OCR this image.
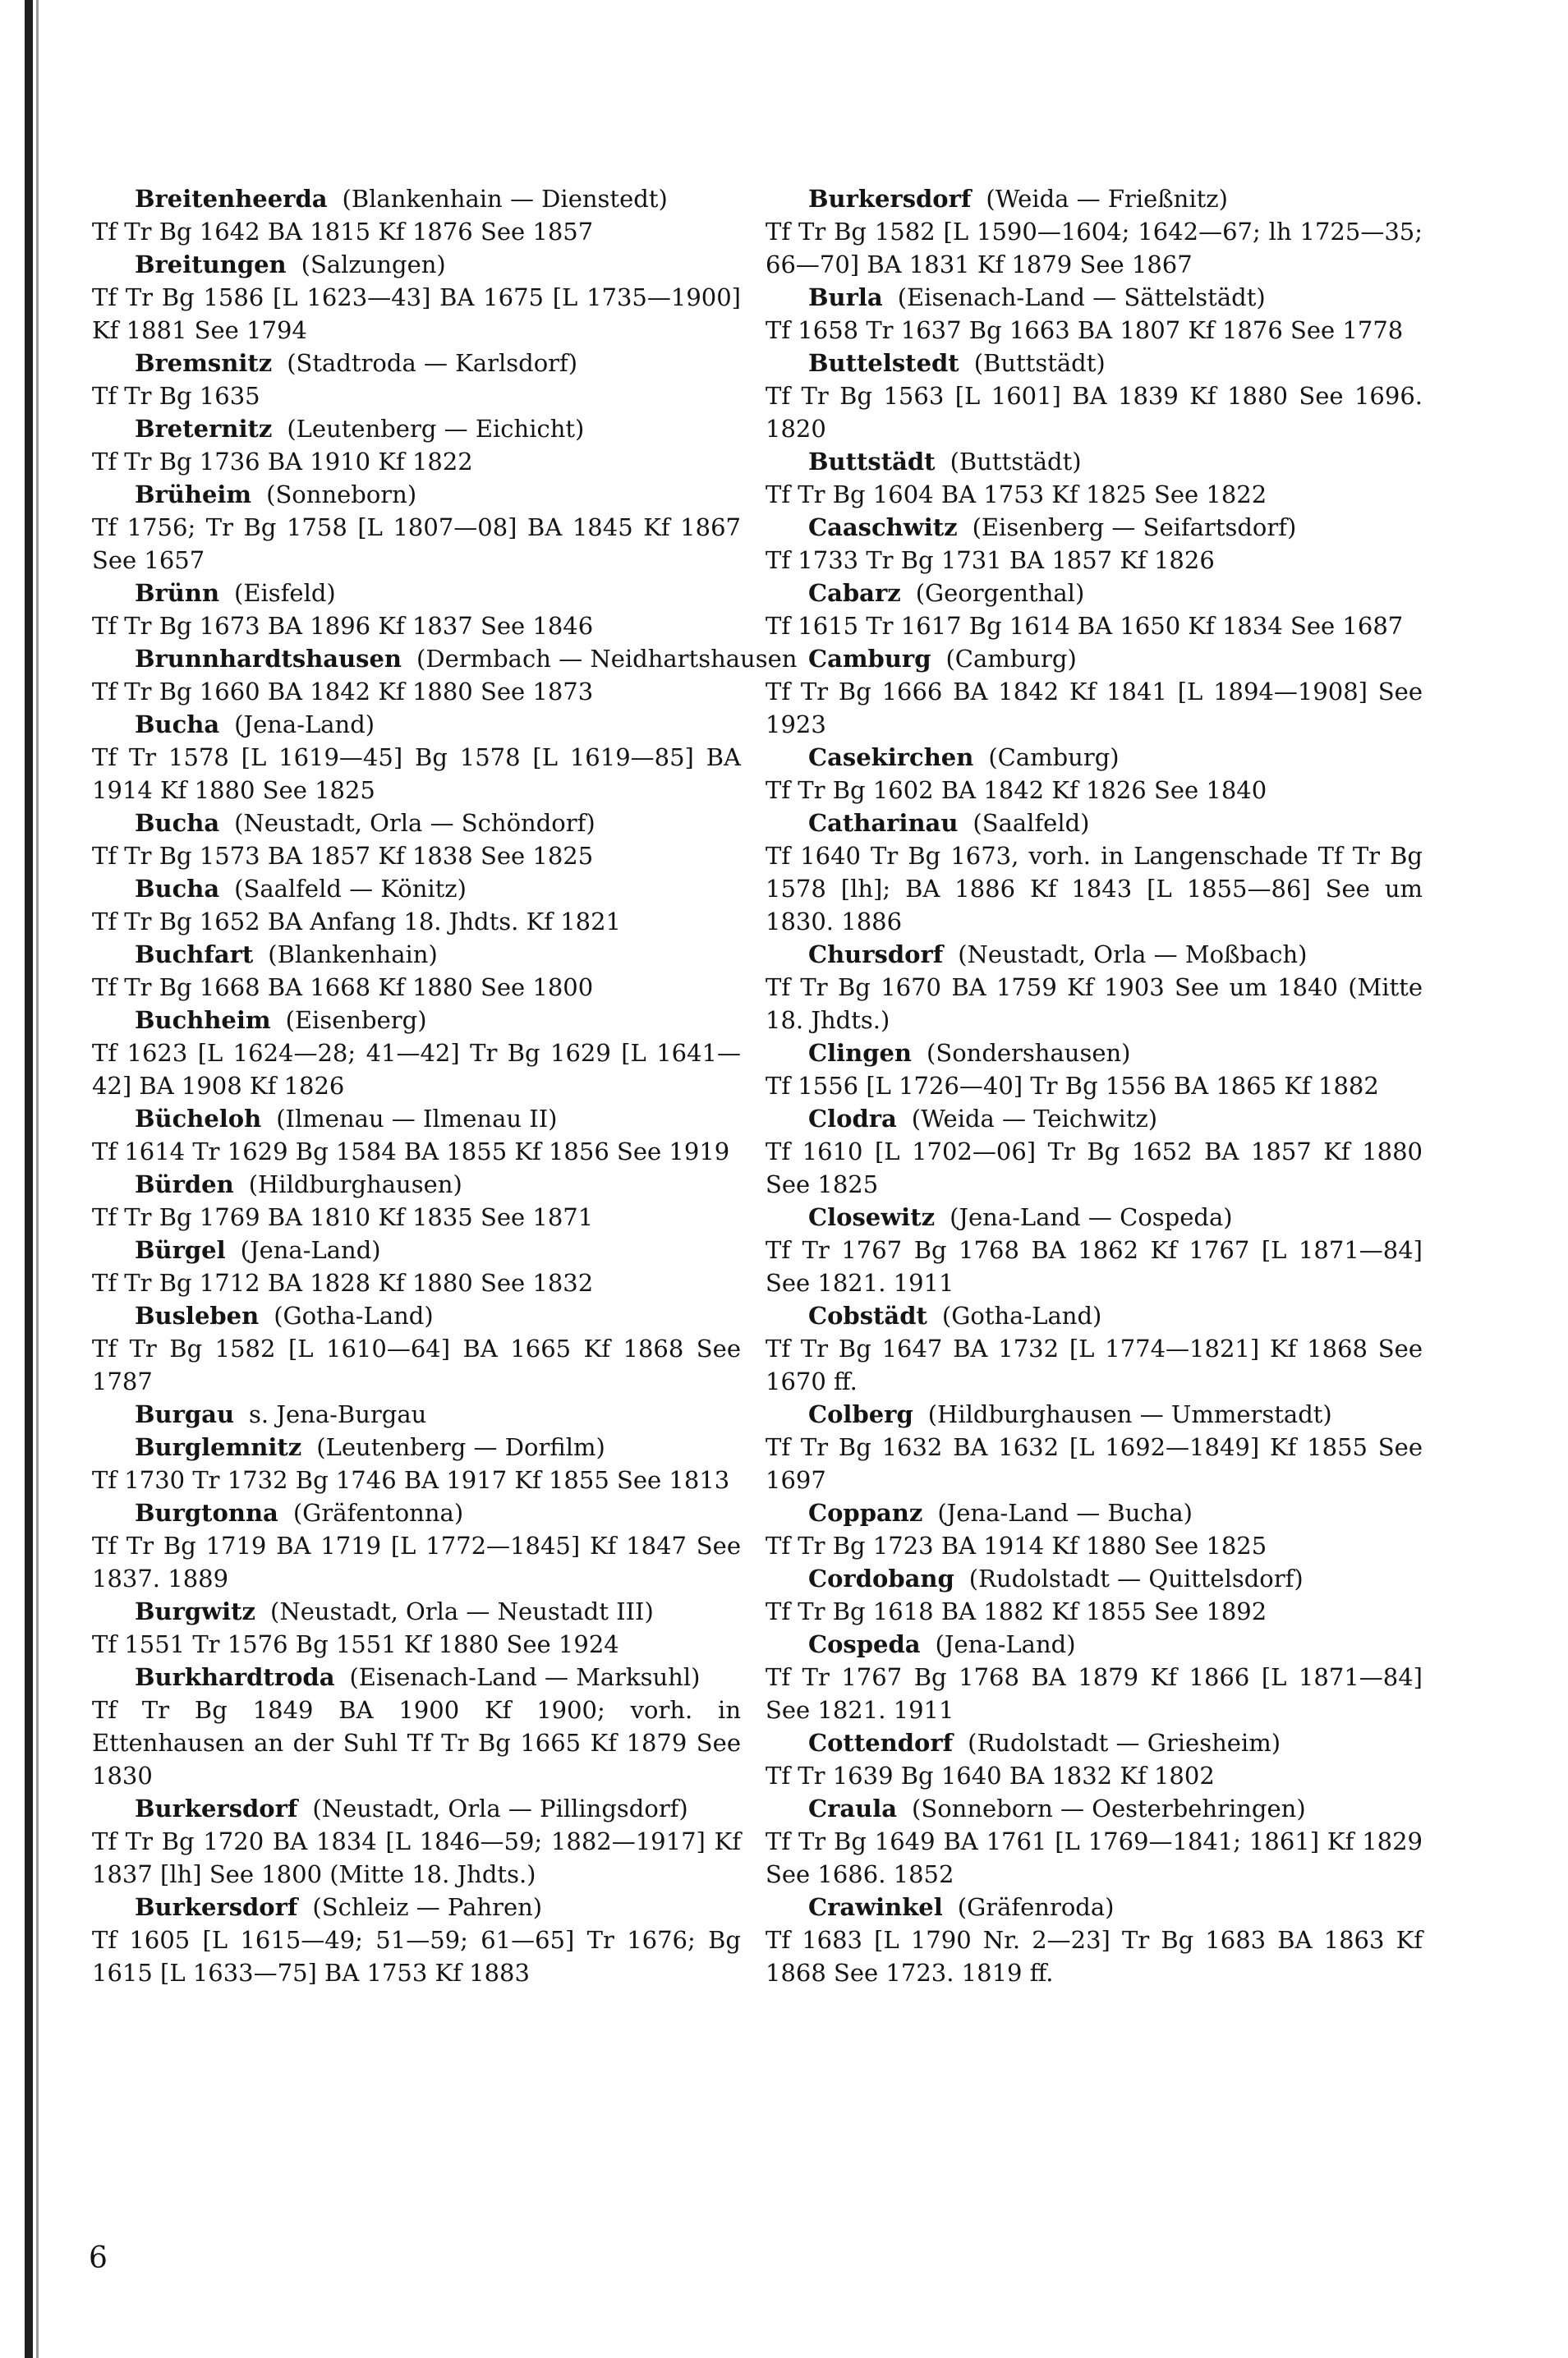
Breitenheerda (Blankenhain — Dienstedt)
Tf Tr Bg 1642 BA 1815 Kf 1876 See 1857
Breitungen (Salzungen)
Tf Tr Bg 1586 [L 1623—43] BA 1675 [L 1735—1900] Kf 1881 See 1794
Bremsnitz (Stadtroda — Karlsdorf)
Tf Tr Bg 1635
Breternitz (Leutenberg — Eichicht)
Tf Tr Bg 1736 BA 1910 Kf 1822
Brüheim (Sonneborn)
Tf 1756; Tr Bg 1758 [L 1807—08] BA 1845 Kf 1867 See 1657
Brünn (Eisfeld)
Tf Tr Bg 1673 BA 1896 Kf 1837 See 1846
Brunnhardtshausen (Dermbach — Neidhartshausen
Tf Tr Bg 1660 BA 1842 Kf 1880 See 1873
Bucha (Jena-Land)
Tf Tr 1578 [L 1619—45] Bg 1578 [L 1619—85] BA 1914 Kf 1880 See 1825
Bucha (Neustadt, Orla — Schöndorf)
Tf Tr Bg 1573 BA 1857 Kf 1838 See 1825
Bucha (Saalfeld — Könitz)
Tf Tr Bg 1652 BA Anfang 18. Jhdts. Kf 1821
Buchfart (Blankenhain)
Tf Tr Bg 1668 BA 1668 Kf 1880 See 1800
Buchheim (Eisenberg)
Tf 1623 [L 1624—28; 41—42] Tr Bg 1629 [L 1641—42] BA 1908 Kf 1826
Bücheloh (Ilmenau — Ilmenau II)
Tf 1614 Tr 1629 Bg 1584 BA 1855 Kf 1856 See 1919
Bürden (Hildburghausen)
Tf Tr Bg 1769 BA 1810 Kf 1835 See 1871
Bürgel (Jena-Land)
Tf Tr Bg 1712 BA 1828 Kf 1880 See 1832
Busleben (Gotha-Land)
Tf Tr Bg 1582 [L 1610—64] BA 1665 Kf 1868 See 1787
Burgau s. Jena-Burgau
Burglemnitz (Leutenberg — Dorfilm)
Tf 1730 Tr 1732 Bg 1746 BA 1917 Kf 1855 See 1813
Burgtonna (Gräfentonna)
Tf Tr Bg 1719 BA 1719 [L 1772—1845] Kf 1847 See 1837. 1889
Burgwitz (Neustadt, Orla — Neustadt III)
Tf 1551 Tr 1576 Bg 1551 Kf 1880 See 1924
Burkhardtroda (Eisenach-Land — Marksuhl)
Tf Tr Bg 1849 BA 1900 Kf 1900; vorh. in Ettenhausen an der Suhl Tf Tr Bg 1665 Kf 1879 See 1830
Burkersdorf (Neustadt, Orla — Pillingsdorf)
Tf Tr Bg 1720 BA 1834 [L 1846—59; 1882—1917] Kf 1837 [lh] See 1800 (Mitte 18. Jhdts.)
Burkersdorf (Schleiz — Pahren)
Tf 1605 [L 1615—49; 51—59; 61—65] Tr 1676; Bg 1615 [L 1633—75] BA 1753 Kf 1883
Burkersdorf (Weida — Frießnitz)
Tf Tr Bg 1582 [L 1590—1604; 1642—67; lh 1725—35; 66—70] BA 1831 Kf 1879 See 1867
Burla (Eisenach-Land — Sättelstädt)
Tf 1658 Tr 1637 Bg 1663 BA 1807 Kf 1876 See 1778
Buttelstedt (Buttstädt)
Tf Tr Bg 1563 [L 1601] BA 1839 Kf 1880 See 1696. 1820
Buttstädt (Buttstädt)
Tf Tr Bg 1604 BA 1753 Kf 1825 See 1822
Caaschwitz (Eisenberg — Seifartsdorf)
Tf 1733 Tr Bg 1731 BA 1857 Kf 1826
Cabarz (Georgenthal)
Tf 1615 Tr 1617 Bg 1614 BA 1650 Kf 1834 See 1687
Camburg (Camburg)
Tf Tr Bg 1666 BA 1842 Kf 1841 [L 1894—1908] See 1923
Casekirchen (Camburg)
Tf Tr Bg 1602 BA 1842 Kf 1826 See 1840
Catharinau (Saalfeld)
Tf 1640 Tr Bg 1673, vorh. in Langenschade Tf Tr Bg 1578 [lh]; BA 1886 Kf 1843 [L 1855—86] See um 1830. 1886
Chursdorf (Neustadt, Orla — Moßbach)
Tf Tr Bg 1670 BA 1759 Kf 1903 See um 1840 (Mitte 18. Jhdts.)
Clingen (Sondershausen)
Tf 1556 [L 1726—40] Tr Bg 1556 BA 1865 Kf 1882
Clodra (Weida — Teichwitz)
Tf 1610 [L 1702—06] Tr Bg 1652 BA 1857 Kf 1880 See 1825
Closewitz (Jena-Land — Cospeda)
Tf Tr 1767 Bg 1768 BA 1862 Kf 1767 [L 1871—84] See 1821. 1911
Cobstädt (Gotha-Land)
Tf Tr Bg 1647 BA 1732 [L 1774—1821] Kf 1868 See 1670 ff.
Colberg (Hildburghausen — Ummerstadt)
Tf Tr Bg 1632 BA 1632 [L 1692—1849] Kf 1855 See 1697
Coppanz (Jena-Land — Bucha)
Tf Tr Bg 1723 BA 1914 Kf 1880 See 1825
Cordobang (Rudolstadt — Quittelsdorf)
Tf Tr Bg 1618 BA 1882 Kf 1855 See 1892
Cospeda (Jena-Land)
Tf Tr 1767 Bg 1768 BA 1879 Kf 1866 [L 1871—84] See 1821. 1911
Cottendorf (Rudolstadt — Griesheim)
Tf Tr 1639 Bg 1640 BA 1832 Kf 1802
Craula (Sonneborn — Oesterbehringen)
Tf Tr Bg 1649 BA 1761 [L 1769—1841; 1861] Kf 1829 See 1686. 1852
Crawinkel (Gräfenroda)
Tf 1683 [L 1790 Nr. 2—23] Tr Bg 1683 BA 1863 Kf 1868 See 1723. 1819 ff.
6
